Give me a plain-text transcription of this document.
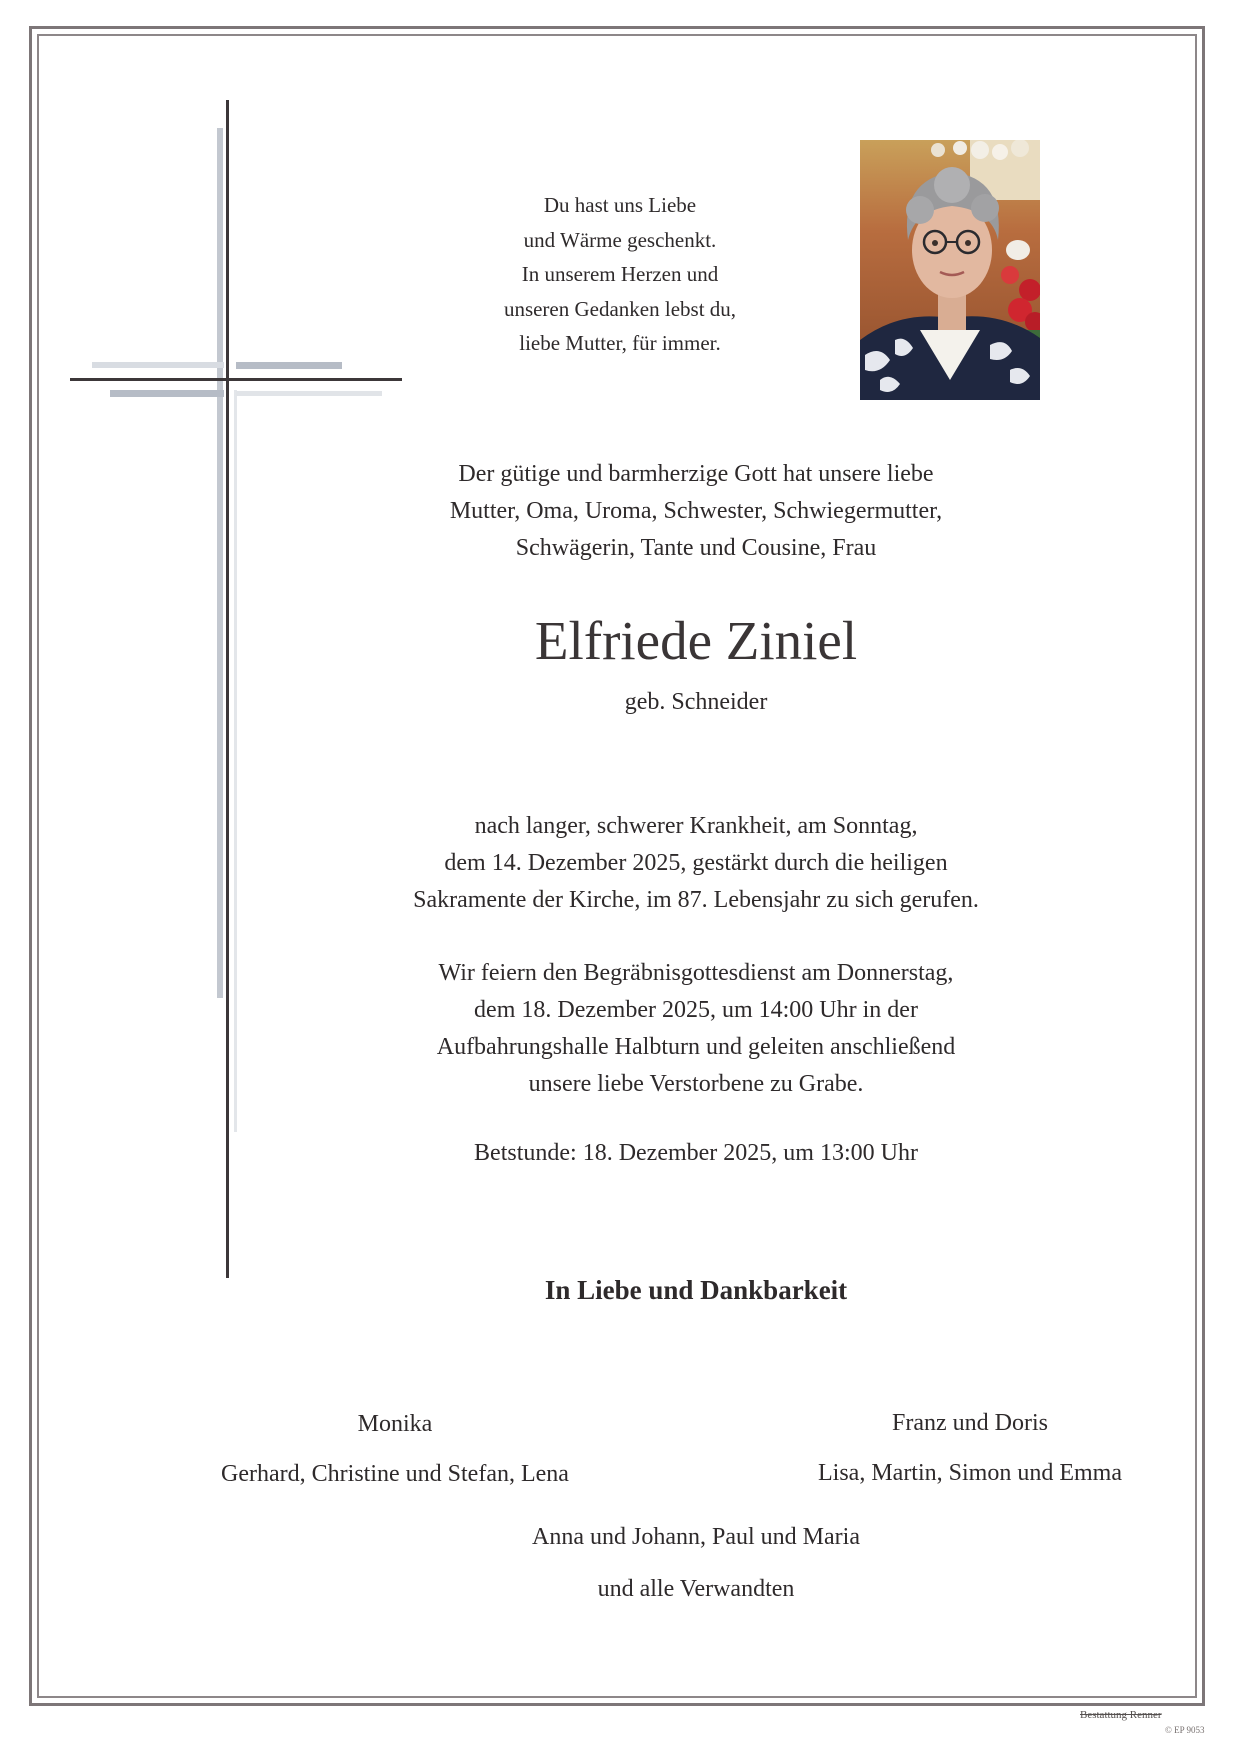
Du hast uns Liebe
und Wärme geschenkt.
In unserem Herzen und
unseren Gedanken lebst du,
liebe Mutter, für immer.
Der gütige und barmherzige Gott hat unsere liebe
Mutter, Oma, Uroma, Schwester, Schwiegermutter,
Schwägerin, Tante und Cousine, Frau
Elfriede Ziniel
geb. Schneider
nach langer, schwerer Krankheit, am Sonntag,
dem 14. Dezember 2025, gestärkt durch die heiligen
Sakramente der Kirche, im 87. Lebensjahr zu sich gerufen.
Wir feiern den Begräbnisgottesdienst am Donnerstag,
dem 18. Dezember 2025, um 14:00 Uhr in der
Aufbahrungshalle Halbturn und geleiten anschließend
unsere liebe Verstorbene zu Grabe.
Betstunde: 18. Dezember 2025, um 13:00 Uhr
In Liebe und Dankbarkeit
Monika
Gerhard, Christine und Stefan, Lena
Franz und Doris
Lisa, Martin, Simon und Emma
Anna und Johann, Paul und Maria
und alle Verwandten
Bestattung Renner
© EP 9053
